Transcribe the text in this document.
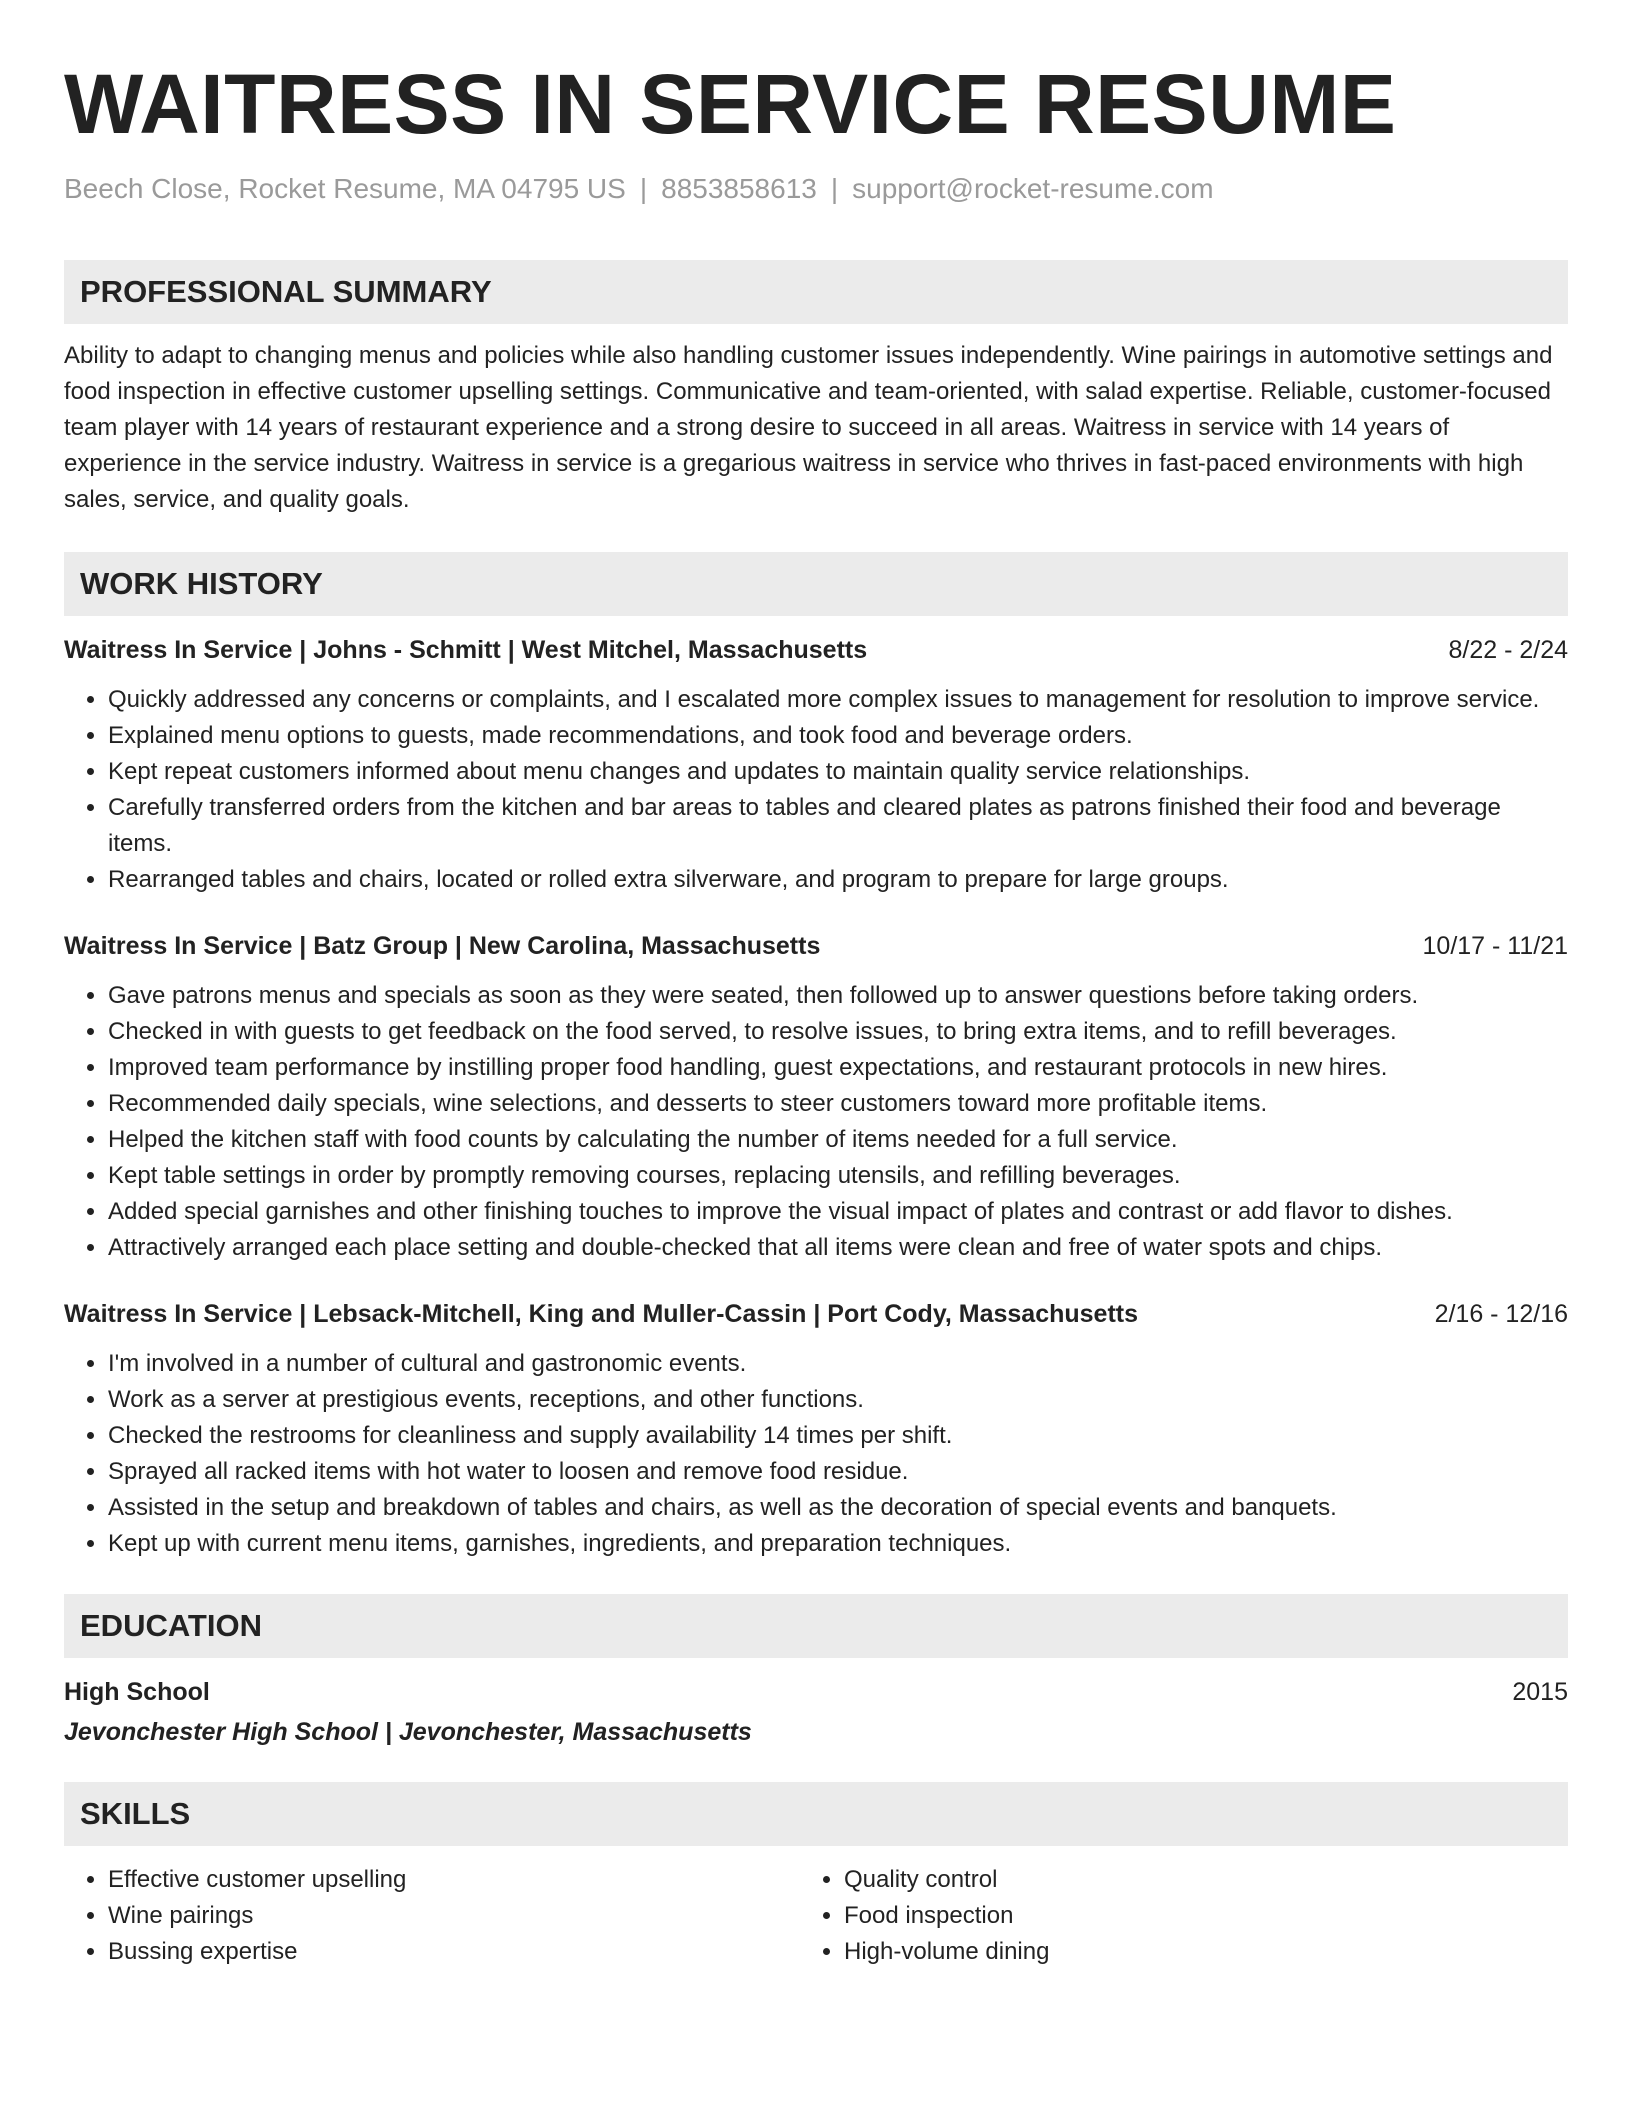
WAITRESS IN SERVICE RESUME
Beech Close, Rocket Resume, MA 04795 US | 8853858613 | support@rocket-resume.com
PROFESSIONAL SUMMARY
Ability to adapt to changing menus and policies while also handling customer issues independently. Wine pairings in automotive settings and food inspection in effective customer upselling settings. Communicative and team-oriented, with salad expertise. Reliable, customer-focused team player with 14 years of restaurant experience and a strong desire to succeed in all areas. Waitress in service with 14 years of experience in the service industry. Waitress in service is a gregarious waitress in service who thrives in fast-paced environments with high sales, service, and quality goals.
WORK HISTORY
Waitress In Service | Johns - Schmitt | West Mitchel, Massachusetts	8/22 - 2/24
• Quickly addressed any concerns or complaints, and I escalated more complex issues to management for resolution to improve service.
• Explained menu options to guests, made recommendations, and took food and beverage orders.
• Kept repeat customers informed about menu changes and updates to maintain quality service relationships.
• Carefully transferred orders from the kitchen and bar areas to tables and cleared plates as patrons finished their food and beverage items.
• Rearranged tables and chairs, located or rolled extra silverware, and program to prepare for large groups.
Waitress In Service | Batz Group | New Carolina, Massachusetts	10/17 - 11/21
• Gave patrons menus and specials as soon as they were seated, then followed up to answer questions before taking orders.
• Checked in with guests to get feedback on the food served, to resolve issues, to bring extra items, and to refill beverages.
• Improved team performance by instilling proper food handling, guest expectations, and restaurant protocols in new hires.
• Recommended daily specials, wine selections, and desserts to steer customers toward more profitable items.
• Helped the kitchen staff with food counts by calculating the number of items needed for a full service.
• Kept table settings in order by promptly removing courses, replacing utensils, and refilling beverages.
• Added special garnishes and other finishing touches to improve the visual impact of plates and contrast or add flavor to dishes.
• Attractively arranged each place setting and double-checked that all items were clean and free of water spots and chips.
Waitress In Service | Lebsack-Mitchell, King and Muller-Cassin | Port Cody, Massachusetts	2/16 - 12/16
• I'm involved in a number of cultural and gastronomic events.
• Work as a server at prestigious events, receptions, and other functions.
• Checked the restrooms for cleanliness and supply availability 14 times per shift.
• Sprayed all racked items with hot water to loosen and remove food residue.
• Assisted in the setup and breakdown of tables and chairs, as well as the decoration of special events and banquets.
• Kept up with current menu items, garnishes, ingredients, and preparation techniques.
EDUCATION
High School	2015
Jevonchester High School | Jevonchester, Massachusetts
SKILLS
• Effective customer upselling
• Wine pairings
• Bussing expertise
• Quality control
• Food inspection
• High-volume dining
